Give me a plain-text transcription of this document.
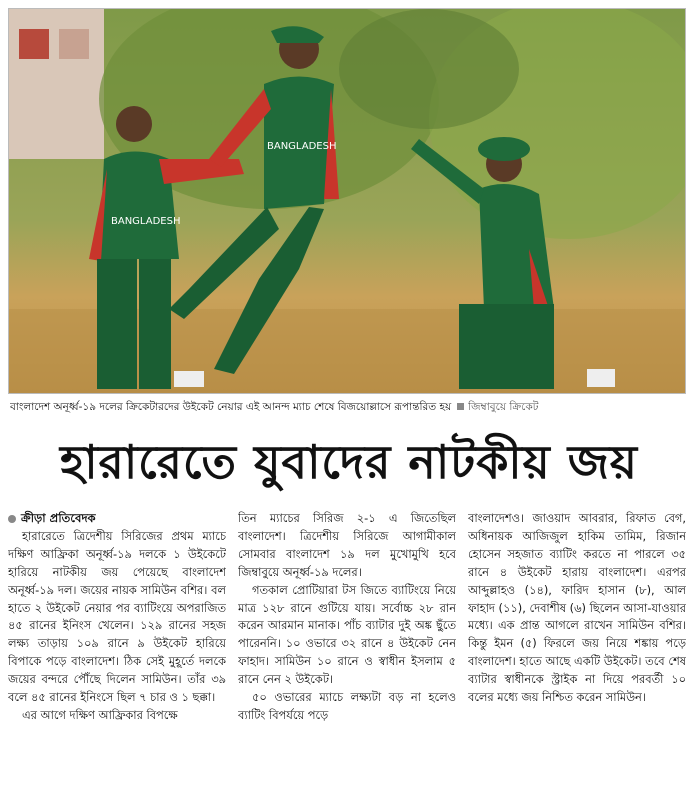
BANGLADESH
BANGLADESH
বাংলাদেশ অনূর্ধ্ব-১৯ দলের ক্রিকেটারদের উইকেট নেয়ার এই আনন্দ ম্যাচ শেষে বিজয়োল্লাসে রূপান্তরিত হয় জিম্বাবুয়ে ক্রিকেট
হারারেতে যুবাদের নাটকীয় জয়
ক্রীড়া প্রতিবেদক

হারারেতে ত্রিদেশীয় সিরিজের প্রথম ম্যাচে দক্ষিণ আফ্রিকা অনূর্ধ্ব-১৯ দলকে ১ উইকেটে হারিয়ে নাটকীয় জয় পেয়েছে বাংলাদেশ অনূর্ধ্ব-১৯ দল। জয়ের নায়ক সামিউন বশির। বল হাতে ২ উইকেট নেয়ার পর ব্যাটিংয়ে অপরাজিত ৪৫ রানের ইনিংস খেলেন। ১২৯ রানের সহজ লক্ষ্য তাড়ায় ১০৯ রানে ৯ উইকেট হারিয়ে বিপাকে পড়ে বাংলাদেশ। ঠিক সেই মুহূর্তে দলকে জয়ের বন্দরে পৌঁছে দিলেন সামিউন। তাঁর ৩৯ বলে ৪৫ রানের ইনিংসে ছিল ৭ চার ও ১ ছক্কা।

এর আগে দক্ষিণ আফ্রিকার বিপক্ষে

তিন ম্যাচের সিরিজ ২-১ এ জিতেছিল বাংলাদেশ। ত্রিদেশীয় সিরিজে আগামীকাল সোমবার বাংলাদেশ ১৯ দল মুখোমুখি হবে জিম্বাবুয়ে অনূর্ধ্ব-১৯ দলের।

গতকাল প্রোটিয়ারা টস জিতে ব্যাটিংয়ে নিয়ে মাত্র ১২৮ রানে গুটিয়ে যায়। সর্বোচ্চ ২৮ রান করেন আরমান মানাক। পাঁচ ব্যাটার দুই অঙ্ক ছুঁতে পারেননি। ১০ ওভারে ৩২ রানে ৪ উইকেট নেন ফাহাদ। সামিউন ১০ রানে ও স্বাধীন ইসলাম ৫ রানে নেন ২ উইকেট।

৫০ ওভারের ম্যাচে লক্ষ্যটা বড় না হলেও ব্যাটিং বিপর্যয়ে পড়ে

বাংলাদেশও। জাওয়াদ আবরার, রিফাত বেগ, অধিনায়ক আজিজুল হাকিম তামিম, রিজান হোসেন সহজাত ব্যাটিং করতে না পারলে ৩৫ রানে ৪ উইকেট হারায় বাংলাদেশ। এরপর আব্দুল্লাহও (১৪), ফারিদ হাসান (৮), আল ফাহাদ (১১), দেবাশীষ (৬) ছিলেন আসা-যাওয়ার মধ্যে। এক প্রান্ত আগলে রাখেন সামিউন বশির। কিন্তু ইমন (৫) ফিরলে জয় নিয়ে শঙ্কায় পড়ে বাংলাদেশ। হাতে আছে একটি উইকেট। তবে শেষ ব্যাটার স্বাধীনকে স্ট্রাইক না দিয়ে পরবর্তী ১০ বলের মধ্যে জয় নিশ্চিত করেন সামিউন।
